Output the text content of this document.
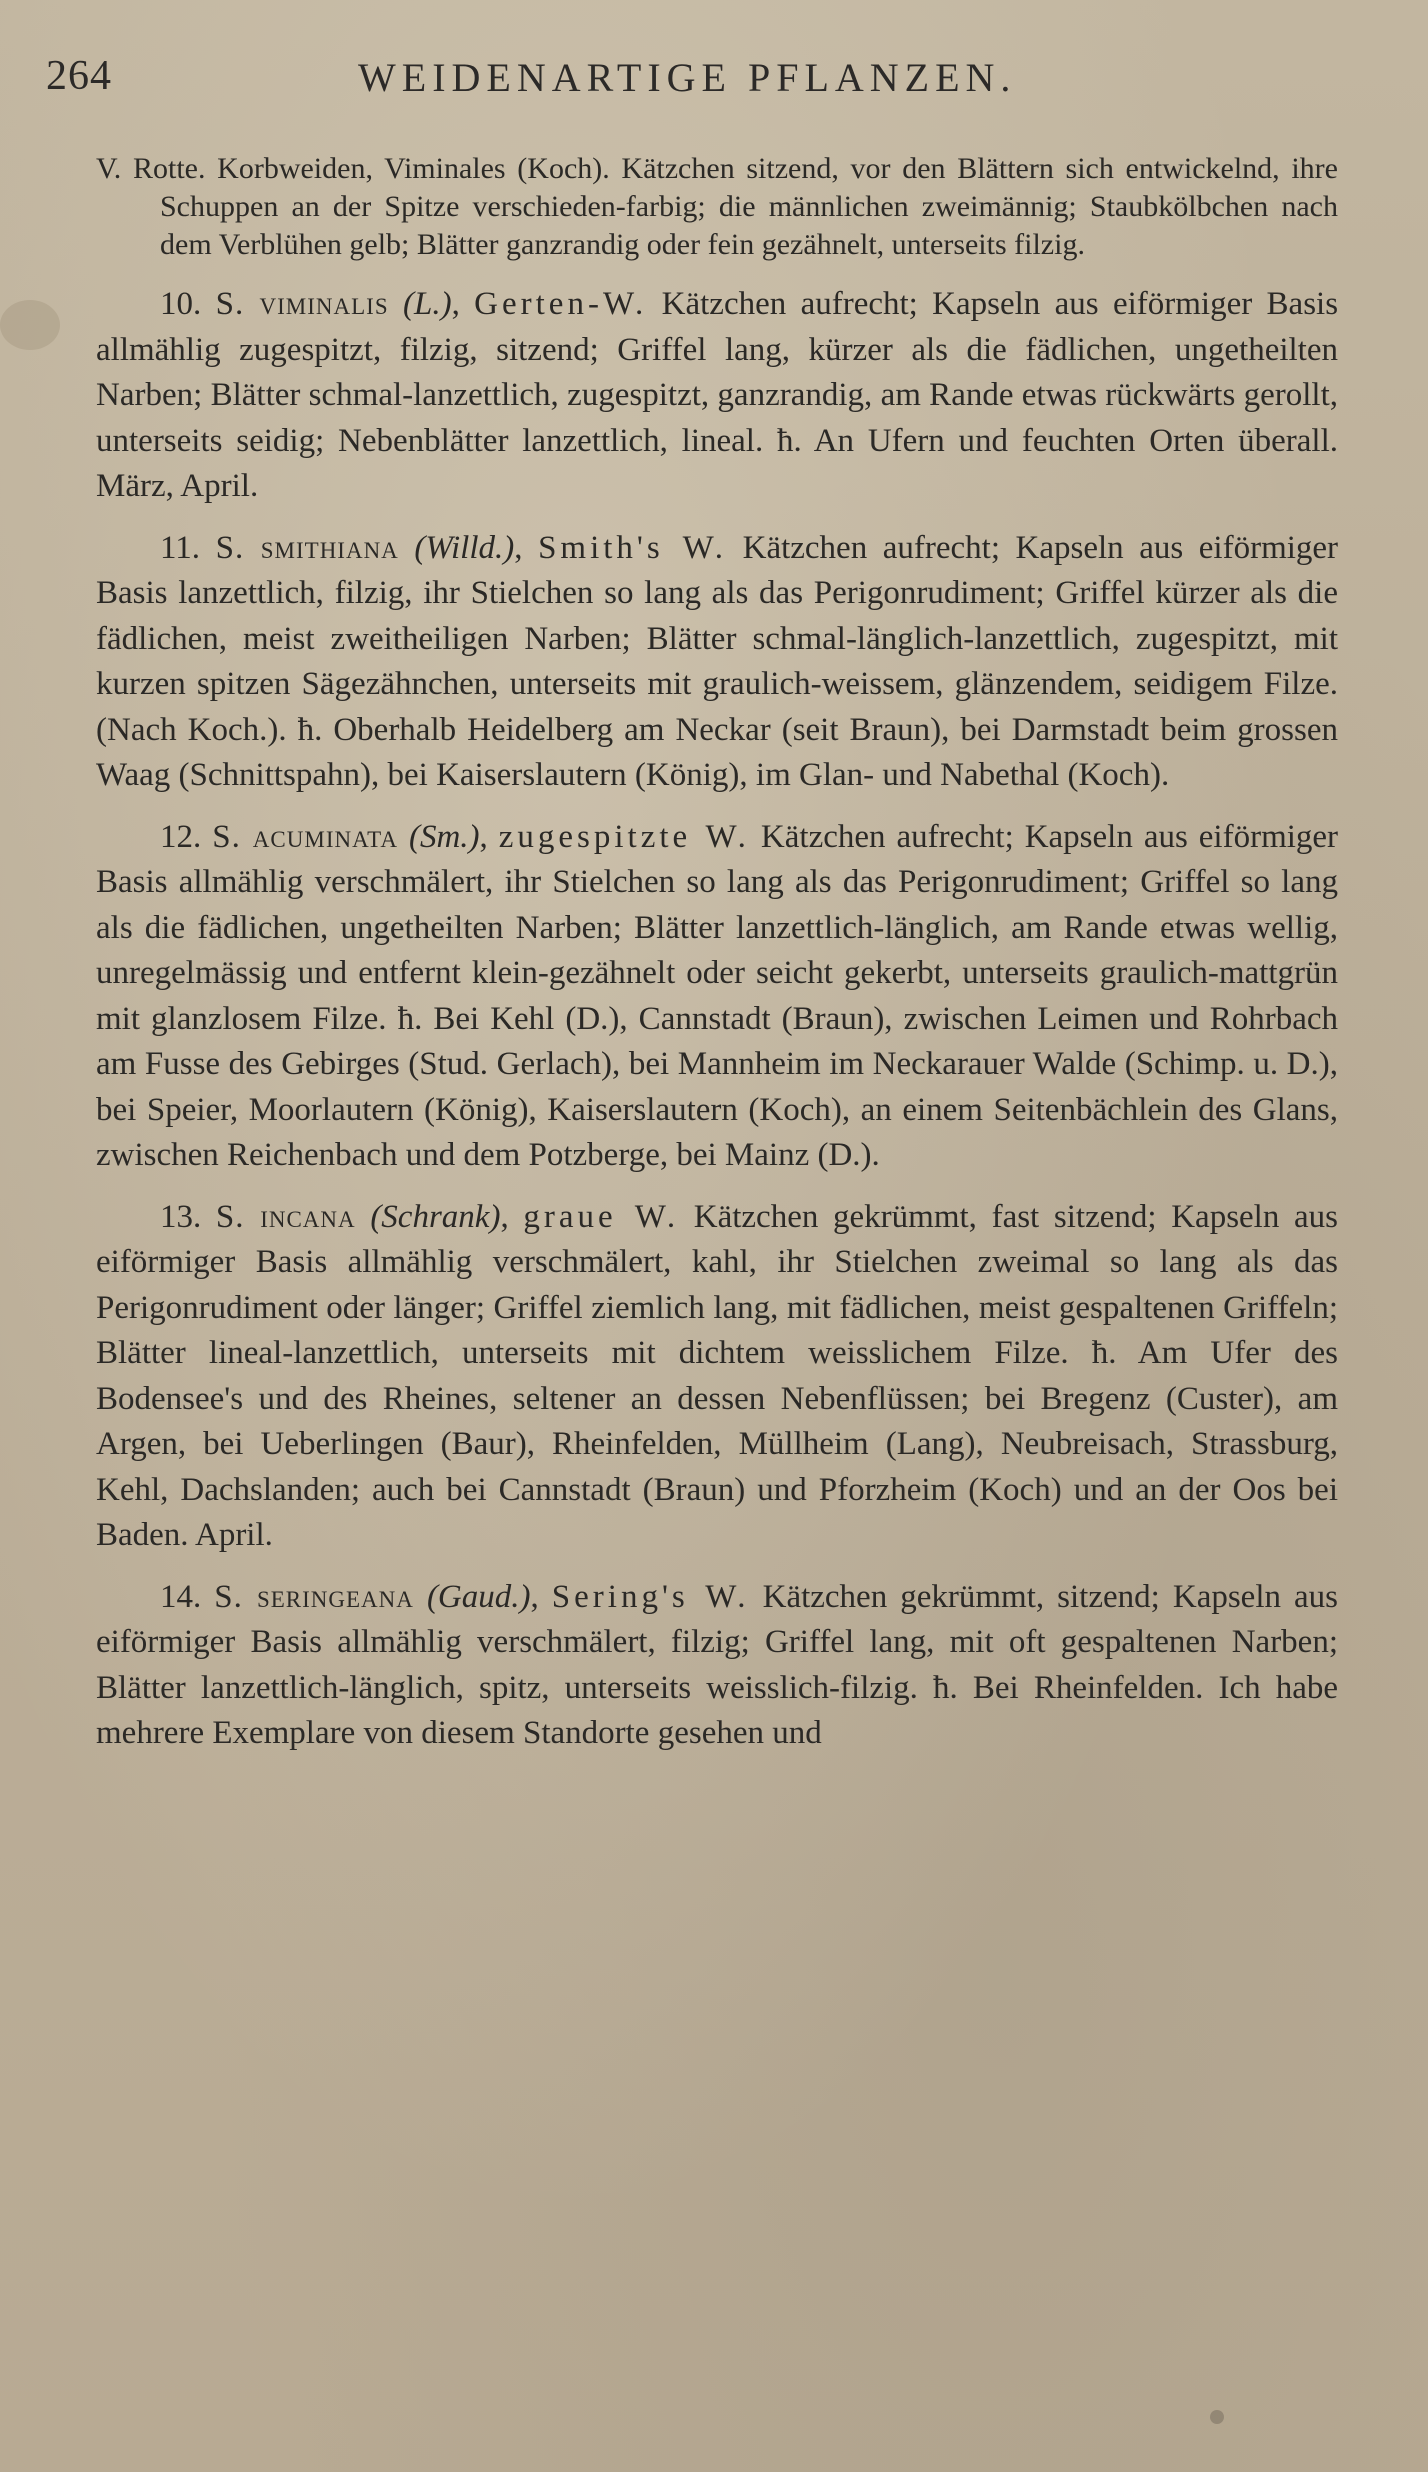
264	WEIDENARTIGE PFLANZEN.

V. Rotte. Korbweiden, Viminales (Koch). Kätzchen sitzend, vor den Blättern sich entwickelnd, ihre Schuppen an der Spitze verschieden-farbig; die männlichen zweimännig; Staubkölbchen nach dem Verblühen gelb; Blätter ganzrandig oder fein gezähnelt, unterseits filzig.

10. S. viminalis (L.), Gerten-W. Kätzchen aufrecht; Kapseln aus eiförmiger Basis allmählig zugespitzt, filzig, sitzend; Griffel lang, kürzer als die fädlichen, ungetheilten Narben; Blätter schmal-lanzettlich, zugespitzt, ganzrandig, am Rande etwas rückwärts gerollt, unterseits seidig; Nebenblätter lanzettlich, lineal. ħ. An Ufern und feuchten Orten überall. März, April.

11. S. smithiana (Willd.), Smith's W. Kätzchen aufrecht; Kapseln aus eiförmiger Basis lanzettlich, filzig, ihr Stielchen so lang als das Perigonrudiment; Griffel kürzer als die fädlichen, meist zweitheiligen Narben; Blätter schmal-länglich-lanzettlich, zugespitzt, mit kurzen spitzen Sägezähnchen, unterseits mit graulich-weissem, glänzendem, seidigem Filze. (Nach Koch.). ħ. Oberhalb Heidelberg am Neckar (seit Braun), bei Darmstadt beim grossen Waag (Schnittspahn), bei Kaiserslautern (König), im Glan- und Nabethal (Koch).

12. S. acuminata (Sm.), zugespitzte W. Kätzchen aufrecht; Kapseln aus eiförmiger Basis allmählig verschmälert, ihr Stielchen so lang als das Perigonrudiment; Griffel so lang als die fädlichen, ungetheilten Narben; Blätter lanzettlich-länglich, am Rande etwas wellig, unregelmässig und entfernt klein-gezähnelt oder seicht gekerbt, unterseits graulich-mattgrün mit glanzlosem Filze. ħ. Bei Kehl (D.), Cannstadt (Braun), zwischen Leimen und Rohrbach am Fusse des Gebirges (Stud. Gerlach), bei Mannheim im Neckarauer Walde (Schimp. u. D.), bei Speier, Moorlautern (König), Kaiserslautern (Koch), an einem Seitenbächlein des Glans, zwischen Reichenbach und dem Potzberge, bei Mainz (D.).

13. S. incana (Schrank), graue W. Kätzchen gekrümmt, fast sitzend; Kapseln aus eiförmiger Basis allmählig verschmälert, kahl, ihr Stielchen zweimal so lang als das Perigonrudiment oder länger; Griffel ziemlich lang, mit fädlichen, meist gespaltenen Griffeln; Blätter lineal-lanzettlich, unterseits mit dichtem weisslichem Filze. ħ. Am Ufer des Bodensee's und des Rheines, seltener an dessen Nebenflüssen; bei Bregenz (Custer), am Argen, bei Ueberlingen (Baur), Rheinfelden, Müllheim (Lang), Neubreisach, Strassburg, Kehl, Dachslanden; auch bei Cannstadt (Braun) und Pforzheim (Koch) und an der Oos bei Baden. April.

14. S. seringeana (Gaud.), Sering's W. Kätzchen gekrümmt, sitzend; Kapseln aus eiförmiger Basis allmählig verschmälert, filzig; Griffel lang, mit oft gespaltenen Narben; Blätter lanzettlich-länglich, spitz, unterseits weisslich-filzig. ħ. Bei Rheinfelden. Ich habe mehrere Exemplare von diesem Standorte gesehen und
